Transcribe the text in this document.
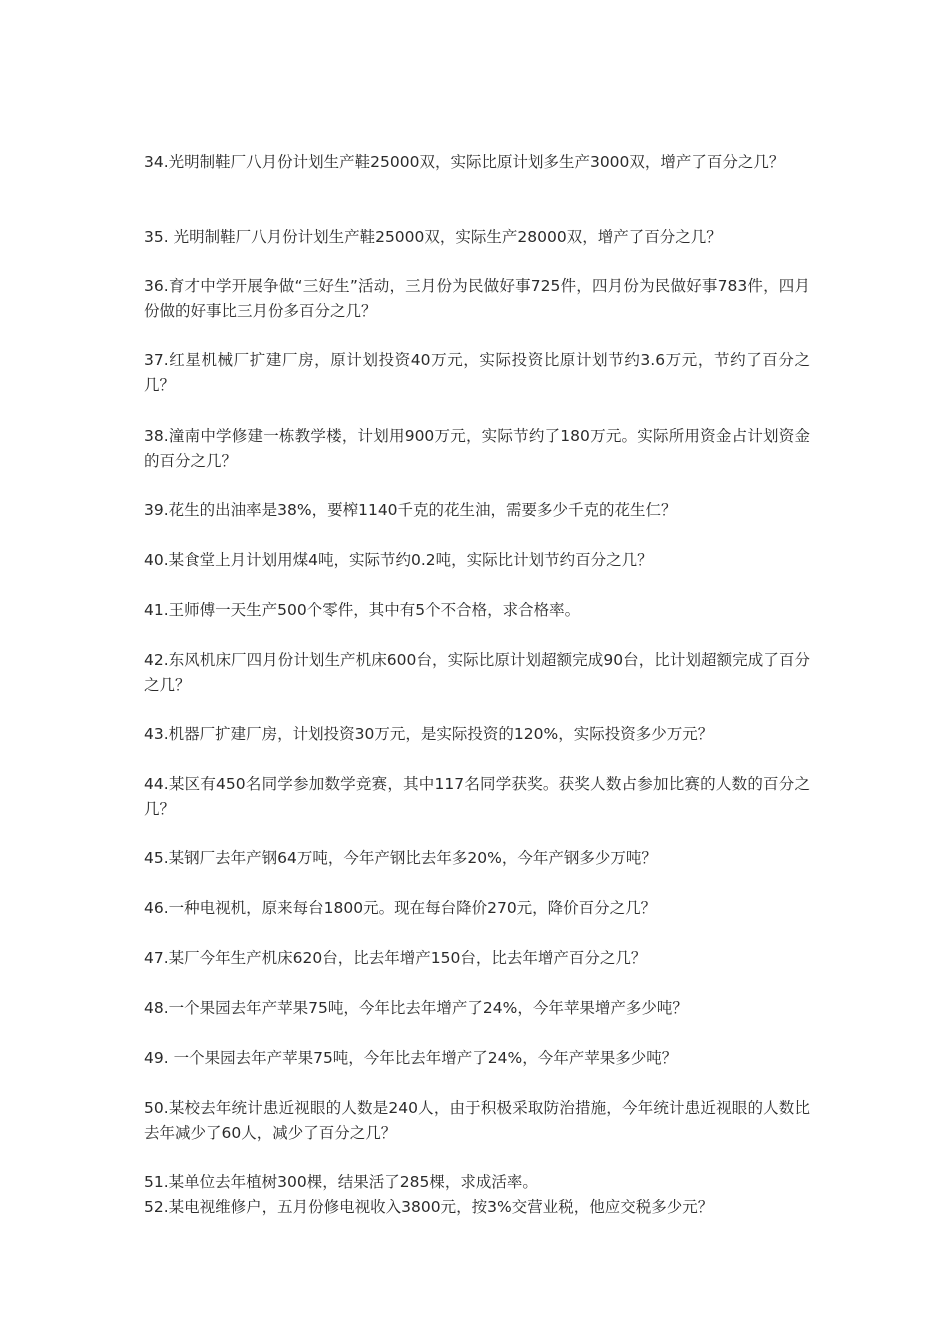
34.光明制鞋厂八月份计划生产鞋25000双，实际比原计划多生产3000双，增产了百分之几？

35. 光明制鞋厂八月份计划生产鞋25000双，实际生产28000双，增产了百分之几？

36.育才中学开展争做“三好生”活动，三月份为民做好事725件，四月份为民做好事783件，四月份做的好事比三月份多百分之几？

37.红星机械厂扩建厂房，原计划投资40万元，实际投资比原计划节约3.6万元，节约了百分之几？

38.潼南中学修建一栋教学楼，计划用900万元，实际节约了180万元。实际所用资金占计划资金的百分之几？

39.花生的出油率是38%，要榨1140千克的花生油，需要多少千克的花生仁？

40.某食堂上月计划用煤4吨，实际节约0.2吨，实际比计划节约百分之几？

41.王师傅一天生产500个零件，其中有5个不合格，求合格率。

42.东风机床厂四月份计划生产机床600台，实际比原计划超额完成90台，比计划超额完成了百分之几？

43.机器厂扩建厂房，计划投资30万元，是实际投资的120%，实际投资多少万元？

44.某区有450名同学参加数学竞赛，其中117名同学获奖。获奖人数占参加比赛的人数的百分之几？

45.某钢厂去年产钢64万吨，今年产钢比去年多20%，今年产钢多少万吨？

46.一种电视机，原来每台1800元。现在每台降价270元，降价百分之几？

47.某厂今年生产机床620台，比去年增产150台，比去年增产百分之几？

48.一个果园去年产苹果75吨，今年比去年增产了24%，今年苹果增产多少吨？

49. 一个果园去年产苹果75吨，今年比去年增产了24%，今年产苹果多少吨？

50.某校去年统计患近视眼的人数是240人，由于积极采取防治措施，今年统计患近视眼的人数比去年减少了60人，减少了百分之几？

51.某单位去年植树300棵，结果活了285棵，求成活率。

52.某电视维修户，五月份修电视收入3800元，按3%交营业税，他应交税多少元？
